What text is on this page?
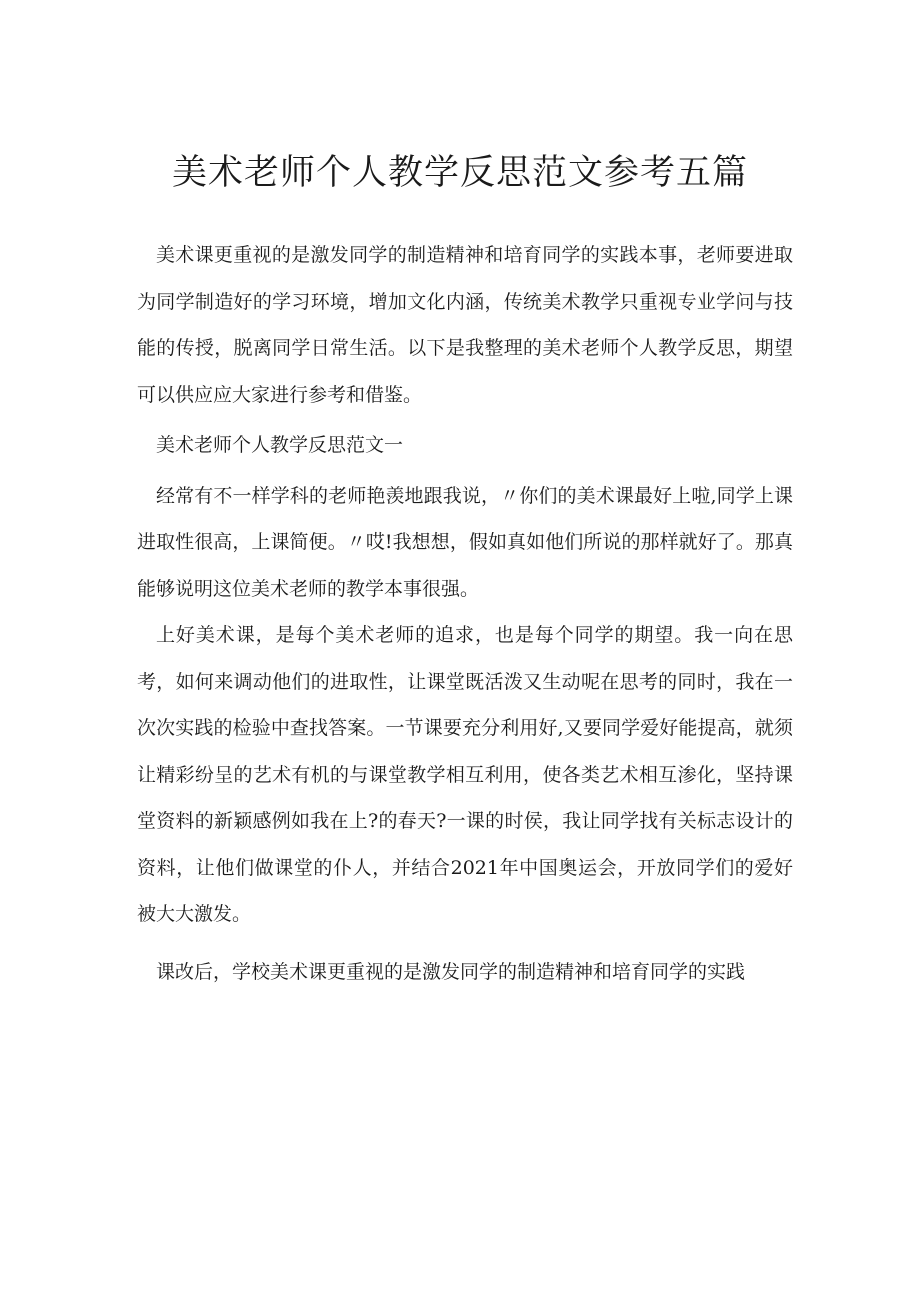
美术老师个人教学反思范文参考五篇

美术课更重视的是激发同学的制造精神和培育同学的实践本事，老师要进取为同学制造好的学习环境，增加文化内涵，传统美术教学只重视专业学问与技能的传授，脱离同学日常生活。以下是我整理的美术老师个人教学反思，期望可以供应应大家进行参考和借鉴。

美术老师个人教学反思范文一

经常有不一样学科的老师艳羡地跟我说，〃你们的美术课最好上啦,同学上课进取性很高，上课简便。〃哎!我想想，假如真如他们所说的那样就好了。那真能够说明这位美术老师的教学本事很强。

上好美术课，是每个美术老师的追求，也是每个同学的期望。我一向在思考，如何来调动他们的进取性，让课堂既活泼又生动呢在思考的同时，我在一次次实践的检验中查找答案。一节课要充分利用好,又要同学爱好能提高，就须让精彩纷呈的艺术有机的与课堂教学相互利用，使各类艺术相互渗化，坚持课堂资料的新颖感例如我在上?的春天?一课的时侯，我让同学找有关标志设计的资料，让他们做课堂的仆人，并结合2021年中国奥运会，开放同学们的爱好被大大激发。

课改后，学校美术课更重视的是激发同学的制造精神和培育同学的实践
